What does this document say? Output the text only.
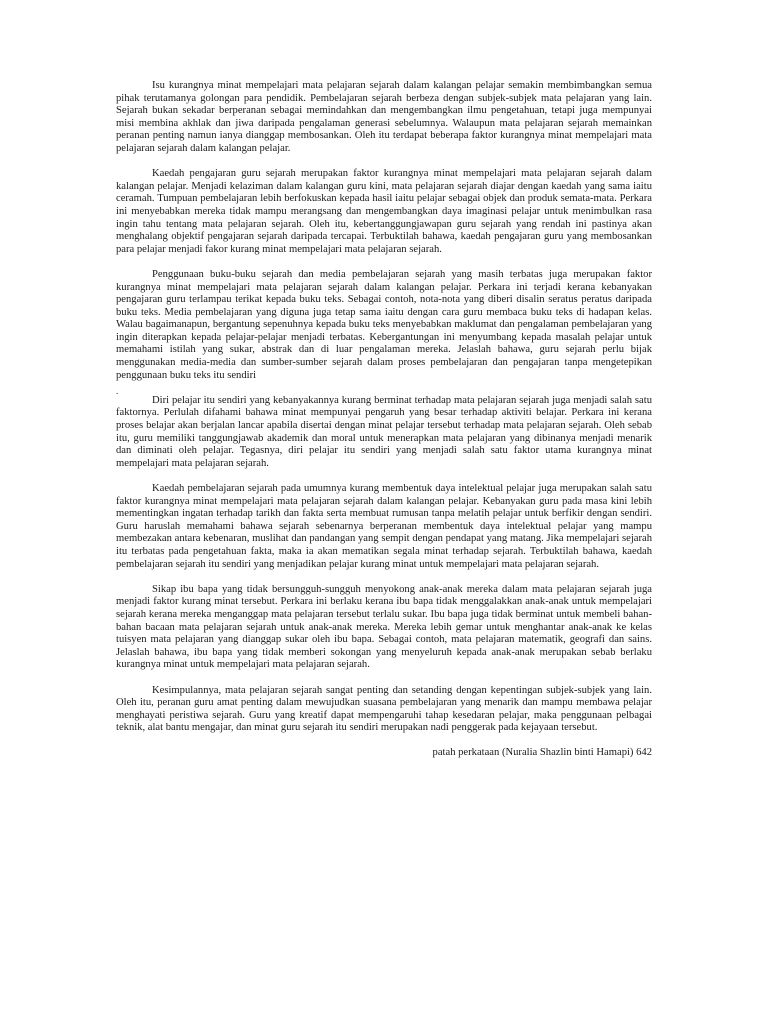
Isu kurangnya minat mempelajari mata pelajaran sejarah dalam kalangan pelajar semakin membimbangkan semua pihak terutamanya golongan para pendidik. Pembelajaran sejarah berbeza dengan subjek-subjek mata pelajaran yang lain. Sejarah bukan sekadar berperanan sebagai memindahkan dan mengembangkan ilmu pengetahuan, tetapi juga mempunyai misi membina akhlak dan jiwa daripada pengalaman generasi sebelumnya. Walaupun mata pelajaran sejarah memainkan peranan penting namun ianya dianggap membosankan. Oleh itu terdapat beberapa faktor kurangnya minat mempelajari mata pelajaran sejarah dalam kalangan pelajar.

Kaedah pengajaran guru sejarah merupakan faktor kurangnya minat mempelajari mata pelajaran sejarah dalam kalangan pelajar. Menjadi kelaziman dalam kalangan guru kini, mata pelajaran sejarah diajar dengan kaedah yang sama iaitu ceramah. Tumpuan pembelajaran lebih berfokuskan kepada hasil iaitu pelajar sebagai objek dan produk semata-mata. Perkara ini menyebabkan mereka tidak mampu merangsang dan mengembangkan daya imaginasi pelajar untuk menimbulkan rasa ingin tahu tentang mata pelajaran sejarah. Oleh itu, kebertanggungjawapan guru sejarah yang rendah ini pastinya akan menghalang objektif pengajaran sejarah daripada tercapai. Terbuktilah bahawa, kaedah pengajaran guru yang membosankan para pelajar menjadi fakor kurang minat mempelajari mata pelajaran sejarah.

Penggunaan buku-buku sejarah dan media pembelajaran sejarah yang masih terbatas juga merupakan faktor kurangnya minat mempelajari mata pelajaran sejarah dalam kalangan pelajar. Perkara ini terjadi kerana kebanyakan pengajaran guru terlampau terikat kepada buku teks. Sebagai contoh, nota-nota yang diberi disalin seratus peratus daripada buku teks. Media pembelajaran yang diguna juga tetap sama iaitu dengan cara guru membaca buku teks di hadapan kelas. Walau bagaimanapun, bergantung sepenuhnya kepada buku teks menyebabkan maklumat dan pengalaman pembelajaran yang ingin diterapkan kepada pelajar-pelajar menjadi terbatas. Kebergantungan ini menyumbang kepada masalah pelajar untuk memahami istilah yang sukar, abstrak dan di luar pengalaman mereka. Jelaslah bahawa, guru sejarah perlu bijak menggunakan media-media dan sumber-sumber sejarah dalam proses pembelajaran dan pengajaran tanpa mengetepikan penggunaan buku teks itu sendiri

.

Diri pelajar itu sendiri yang kebanyakannya kurang berminat terhadap mata pelajaran sejarah juga menjadi salah satu faktornya. Perlulah difahami bahawa minat mempunyai pengaruh yang besar terhadap aktiviti belajar. Perkara ini kerana proses belajar akan berjalan lancar apabila disertai dengan minat pelajar tersebut terhadap mata pelajaran sejarah. Oleh sebab itu, guru memiliki tanggungjawab akademik dan moral untuk menerapkan mata pelajaran yang dibinanya menjadi menarik dan diminati oleh pelajar. Tegasnya, diri pelajar itu sendiri yang menjadi salah satu faktor utama kurangnya minat mempelajari mata pelajaran sejarah.

Kaedah pembelajaran sejarah pada umumnya kurang membentuk daya intelektual pelajar juga merupakan salah satu faktor kurangnya minat mempelajari mata pelajaran sejarah dalam kalangan pelajar. Kebanyakan guru pada masa kini lebih mementingkan ingatan terhadap tarikh dan fakta serta membuat rumusan tanpa melatih pelajar untuk berfikir dengan sendiri. Guru haruslah memahami bahawa sejarah sebenarnya berperanan membentuk daya intelektual pelajar yang mampu membezakan antara kebenaran, muslihat dan pandangan yang sempit dengan pendapat yang matang. Jika mempelajari sejarah itu terbatas pada pengetahuan fakta, maka ia akan mematikan segala minat terhadap sejarah. Terbuktilah bahawa, kaedah pembelajaran sejarah itu sendiri yang menjadikan pelajar kurang minat untuk mempelajari mata pelajaran sejarah.

Sikap ibu bapa yang tidak bersungguh-sungguh menyokong anak-anak mereka dalam mata pelajaran sejarah juga menjadi faktor kurang minat tersebut. Perkara ini berlaku kerana ibu bapa tidak menggalakkan anak-anak untuk mempelajari sejarah kerana mereka menganggap mata pelajaran tersebut terlalu sukar. Ibu bapa juga tidak berminat untuk membeli bahan-bahan bacaan mata pelajaran sejarah untuk anak-anak mereka. Mereka lebih gemar untuk menghantar anak-anak ke kelas tuisyen mata pelajaran yang dianggap sukar oleh ibu bapa. Sebagai contoh, mata pelajaran matematik, geografi dan sains. Jelaslah bahawa, ibu bapa yang tidak memberi sokongan yang menyeluruh kepada anak-anak merupakan sebab berlaku kurangnya minat untuk mempelajari mata pelajaran sejarah.

Kesimpulannya, mata pelajaran sejarah sangat penting dan setanding dengan kepentingan subjek-subjek yang lain. Oleh itu, peranan guru amat penting dalam mewujudkan suasana pembelajaran yang menarik dan mampu membawa pelajar menghayati peristiwa sejarah. Guru yang kreatif dapat mempengaruhi tahap kesedaran pelajar, maka penggunaan pelbagai teknik, alat bantu mengajar, dan minat guru sejarah itu sendiri merupakan nadi penggerak pada kejayaan tersebut.

patah perkataan (Nuralia Shazlin binti Hamapi) 642
